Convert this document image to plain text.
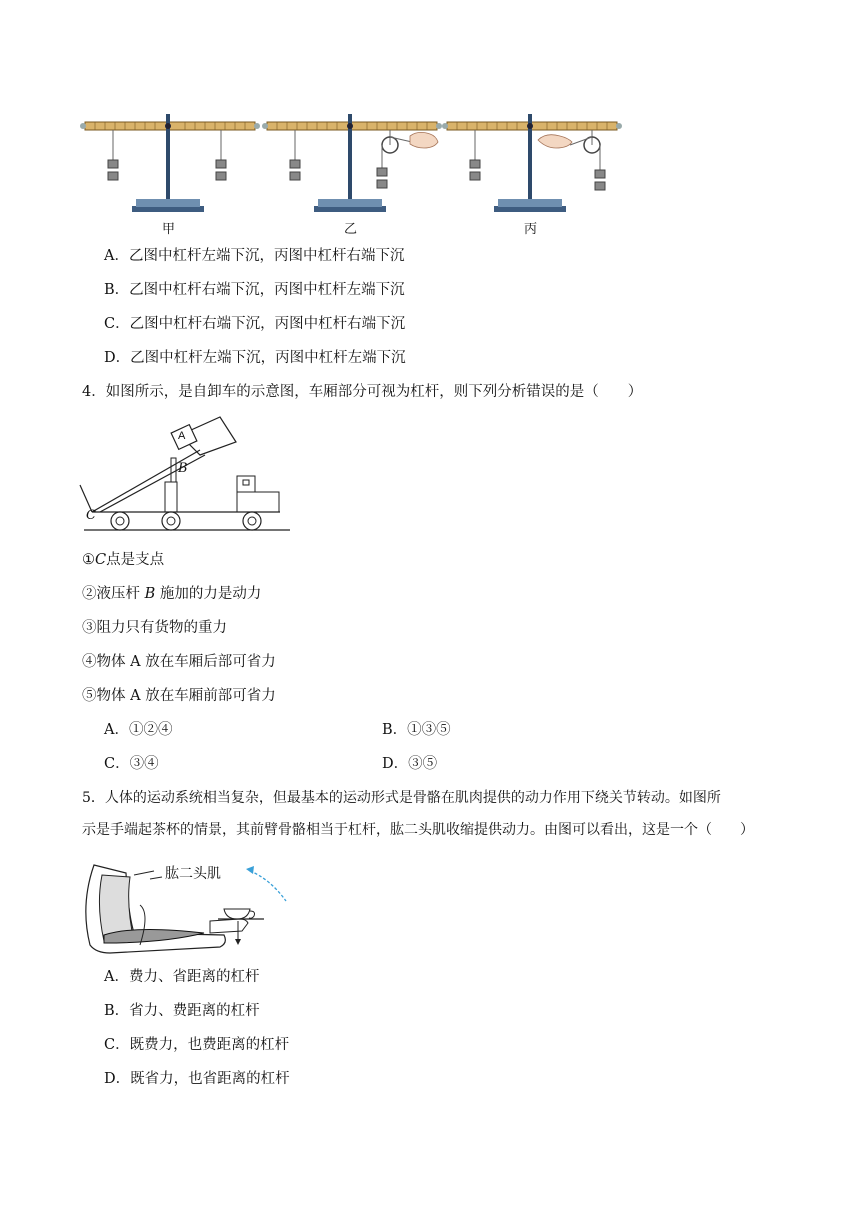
甲	乙	丙
A．乙图中杠杆左端下沉，丙图中杠杆右端下沉
B．乙图中杠杆右端下沉，丙图中杠杆左端下沉
C．乙图中杠杆右端下沉，丙图中杠杆右端下沉
D．乙图中杠杆左端下沉，丙图中杠杆左端下沉
4．如图所示，是自卸车的示意图，车厢部分可视为杠杆，则下列分析错误的是（　　）
A
B
C
①C点是支点
②液压杆 B 施加的力是动力
③阻力只有货物的重力
④物体 A 放在车厢后部可省力
⑤物体 A 放在车厢前部可省力
A．①②④	B．①③⑤
C．③④	D．③⑤
5．人体的运动系统相当复杂，但最基本的运动形式是骨骼在肌肉提供的动力作用下绕关节转动。如图所
示是手端起茶杯的情景，其前臂骨骼相当于杠杆，肱二头肌收缩提供动力。由图可以看出，这是一个（　　）
肱二头肌
A．费力、省距离的杠杆
B．省力、费距离的杠杆
C．既费力，也费距离的杠杆
D．既省力，也省距离的杠杆
